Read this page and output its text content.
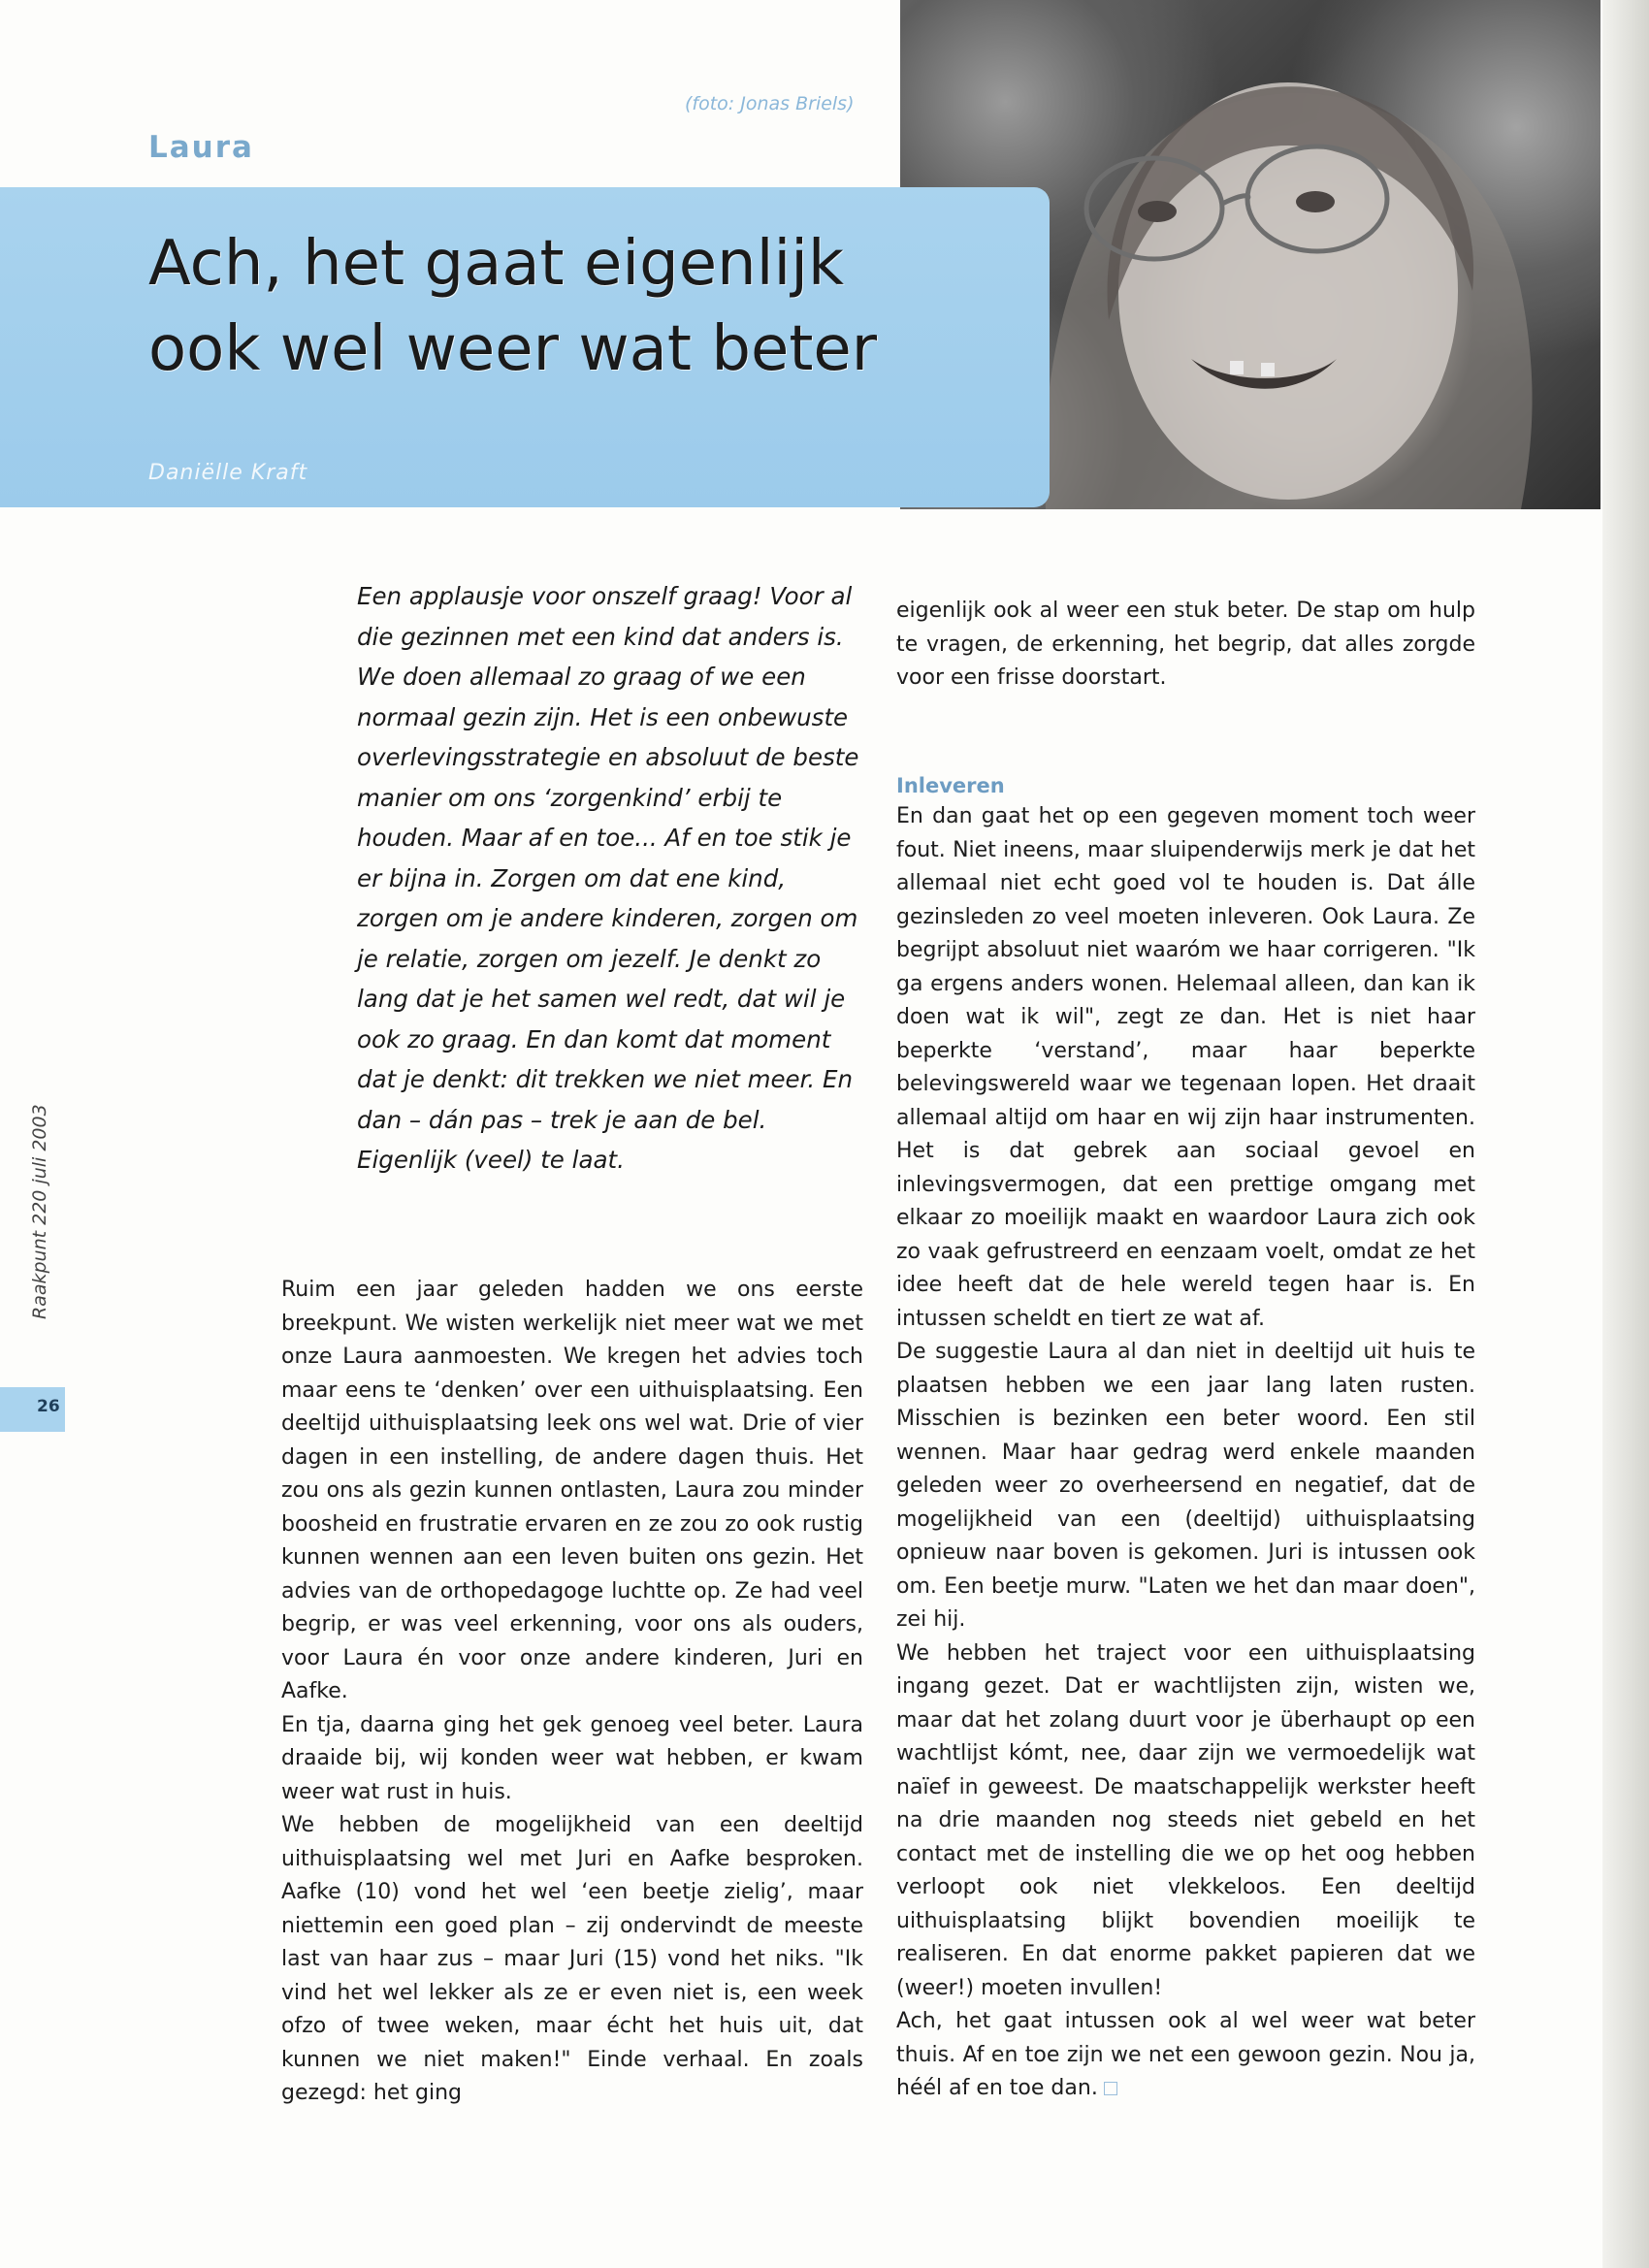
(foto: Jonas Briels)
Laura
Ach, het gaat eigenlijk
ook wel weer wat beter
Daniëlle Kraft
Een applausje voor onszelf graag! Voor al die gezinnen met een kind dat anders is. We doen allemaal zo graag of we een normaal gezin zijn. Het is een onbewuste overlevingsstrategie en absoluut de beste manier om ons ‘zorgenkind’ erbij te houden. Maar af en toe... Af en toe stik je er bijna in. Zorgen om dat ene kind, zorgen om je andere kinderen, zorgen om je relatie, zorgen om jezelf. Je denkt zo lang dat je het samen wel redt, dat wil je ook zo graag. En dan komt dat moment dat je denkt: dit trekken we niet meer. En dan – dán pas – trek je aan de bel. Eigenlijk (veel) te laat.

Ruim een jaar geleden hadden we ons eerste breekpunt. We wisten werkelijk niet meer wat we met onze Laura aanmoesten. We kregen het advies toch maar eens te ‘denken’ over een uithuisplaatsing. Een deeltijd uithuisplaatsing leek ons wel wat. Drie of vier dagen in een instelling, de andere dagen thuis. Het zou ons als gezin kunnen ontlasten, Laura zou minder boosheid en frustratie ervaren en ze zou zo ook rustig kunnen wennen aan een leven buiten ons gezin. Het advies van de orthopedagoge luchtte op. Ze had veel begrip, er was veel erkenning, voor ons als ouders, voor Laura én voor onze andere kinderen, Juri en Aafke.

En tja, daarna ging het gek genoeg veel beter. Laura draaide bij, wij konden weer wat hebben, er kwam weer wat rust in huis.

We hebben de mogelijkheid van een deeltijd uithuisplaatsing wel met Juri en Aafke besproken. Aafke (10) vond het wel ‘een beetje zielig’, maar niettemin een goed plan – zij ondervindt de meeste last van haar zus – maar Juri (15) vond het niks. "Ik vind het wel lekker als ze er even niet is, een week ofzo of twee weken, maar écht het huis uit, dat kunnen we niet maken!" Einde verhaal. En zoals gezegd: het ging

eigenlijk ook al weer een stuk beter. De stap om hulp te vragen, de erkenning, het begrip, dat alles zorgde voor een frisse doorstart.

Inleveren

En dan gaat het op een gegeven moment toch weer fout. Niet ineens, maar sluipenderwijs merk je dat het allemaal niet echt goed vol te houden is. Dat álle gezinsleden zo veel moeten inleveren. Ook Laura. Ze begrijpt absoluut niet waaróm we haar corrigeren. "Ik ga ergens anders wonen. Helemaal alleen, dan kan ik doen wat ik wil", zegt ze dan. Het is niet haar beperkte ‘verstand’, maar haar beperkte belevingswereld waar we tegenaan lopen. Het draait allemaal altijd om haar en wij zijn haar instrumenten. Het is dat gebrek aan sociaal gevoel en inlevingsvermogen, dat een prettige omgang met elkaar zo moeilijk maakt en waardoor Laura zich ook zo vaak gefrustreerd en eenzaam voelt, omdat ze het idee heeft dat de hele wereld tegen haar is. En intussen scheldt en tiert ze wat af.

De suggestie Laura al dan niet in deeltijd uit huis te plaatsen hebben we een jaar lang laten rusten. Misschien is bezinken een beter woord. Een stil wennen. Maar haar gedrag werd enkele maanden geleden weer zo overheersend en negatief, dat de mogelijkheid van een (deeltijd) uithuisplaatsing opnieuw naar boven is gekomen. Juri is intussen ook om. Een beetje murw. "Laten we het dan maar doen", zei hij.

We hebben het traject voor een uithuisplaatsing ingang gezet. Dat er wachtlijsten zijn, wisten we, maar dat het zolang duurt voor je überhaupt op een wachtlijst kómt, nee, daar zijn we vermoedelijk wat naïef in geweest. De maatschappelijk werkster heeft na drie maanden nog steeds niet gebeld en het contact met de instelling die we op het oog hebben verloopt ook niet vlekkeloos. Een deeltijd uithuisplaatsing blijkt bovendien moeilijk te realiseren. En dat enorme pakket papieren dat we (weer!) moeten invullen!

Ach, het gaat intussen ook al wel weer wat beter thuis. Af en toe zijn we net een gewoon gezin. Nou ja, héél af en toe dan.

Raakpunt 220 juli 2003
26
